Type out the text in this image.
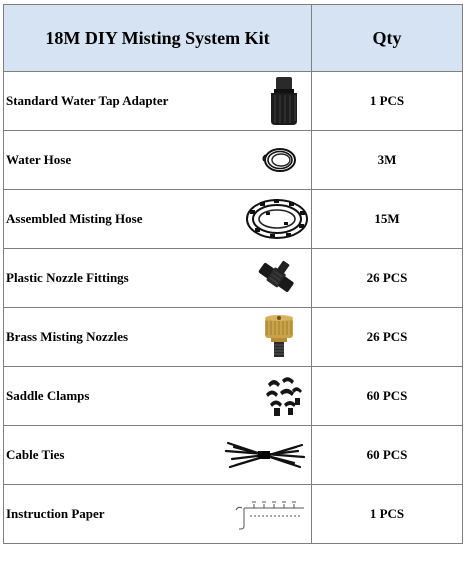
18M DIY Misting System Kit	Qty

Standard Water Tap Adapter	1 PCS

Water Hose	3M

Assembled Misting Hose	15M

Plastic Nozzle Fittings	26 PCS

Brass Misting Nozzles	26 PCS

Saddle Clamps	60 PCS

Cable Ties	60 PCS

Instruction Paper	1 PCS
